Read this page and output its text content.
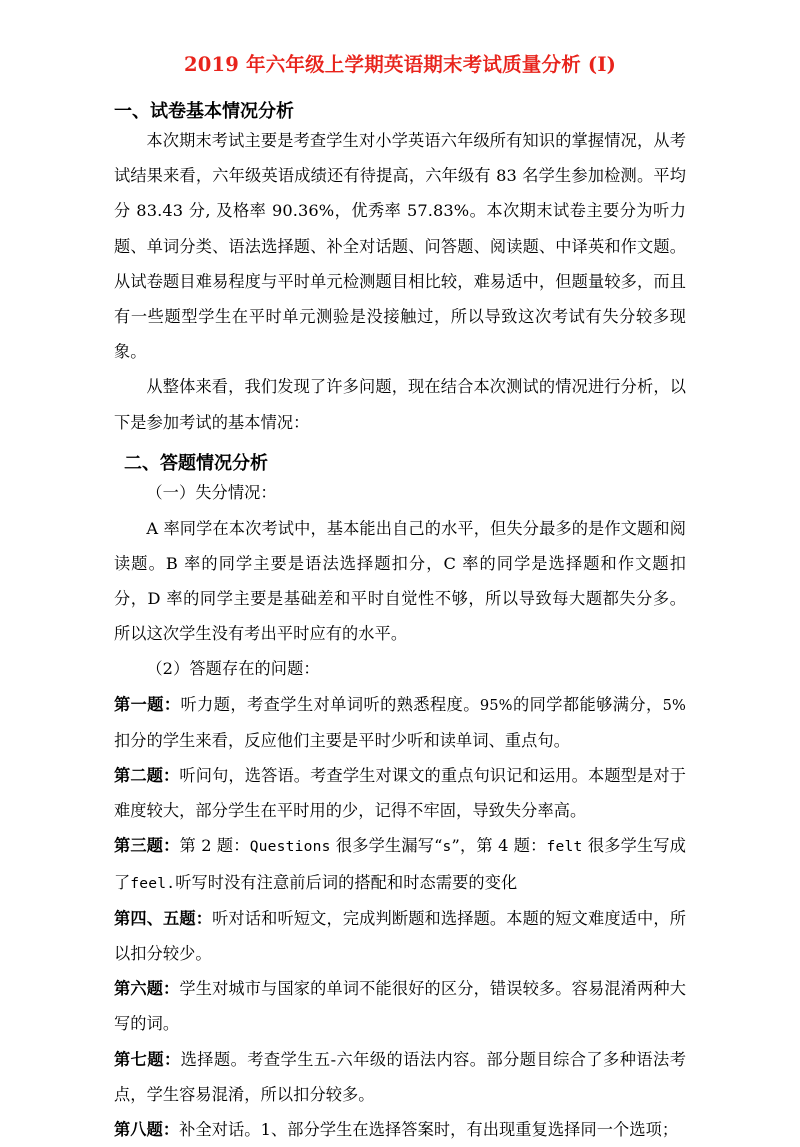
2019 年六年级上学期英语期末考试质量分析 (I)
一、试卷基本情况分析

本次期末考试主要是考查学生对小学英语六年级所有知识的掌握情况，从考试结果来看，六年级英语成绩还有待提高，六年级有 83 名学生参加检测。平均分 83.43 分, 及格率 90.36%，优秀率 57.83%。本次期末试卷主要分为听力题、单词分类、语法选择题、补全对话题、问答题、阅读题、中译英和作文题。从试卷题目难易程度与平时单元检测题目相比较，难易适中，但题量较多，而且有一些题型学生在平时单元测验是没接触过，所以导致这次考试有失分较多现象。

从整体来看，我们发现了许多问题，现在结合本次测试的情况进行分析，以下是参加考试的基本情况：

二、答题情况分析

（一）失分情况：

A 率同学在本次考试中，基本能出自己的水平，但失分最多的是作文题和阅读题。B 率的同学主要是语法选择题扣分，C 率的同学是选择题和作文题扣分，D 率的同学主要是基础差和平时自觉性不够，所以导致每大题都失分多。所以这次学生没有考出平时应有的水平。

（2）答题存在的问题：

第一题：听力题，考查学生对单词听的熟悉程度。95%的同学都能够满分，5%扣分的学生来看，反应他们主要是平时少听和读单词、重点句。

第二题：听问句，选答语。考查学生对课文的重点句识记和运用。本题型是对于难度较大，部分学生在平时用的少，记得不牢固，导致失分率高。

第三题：第 2 题：Questions 很多学生漏写“s”，第 4 题：felt 很多学生写成了feel.听写时没有注意前后词的搭配和时态需要的变化

第四、五题：听对话和听短文，完成判断题和选择题。本题的短文难度适中，所以扣分较少。

第六题：学生对城市与国家的单词不能很好的区分，错误较多。容易混淆两种大写的词。

第七题：选择题。考查学生五-六年级的语法内容。部分题目综合了多种语法考点，学生容易混淆，所以扣分较多。

第八题：补全对话。1、部分学生在选择答案时，有出现重复选择同一个选项；
